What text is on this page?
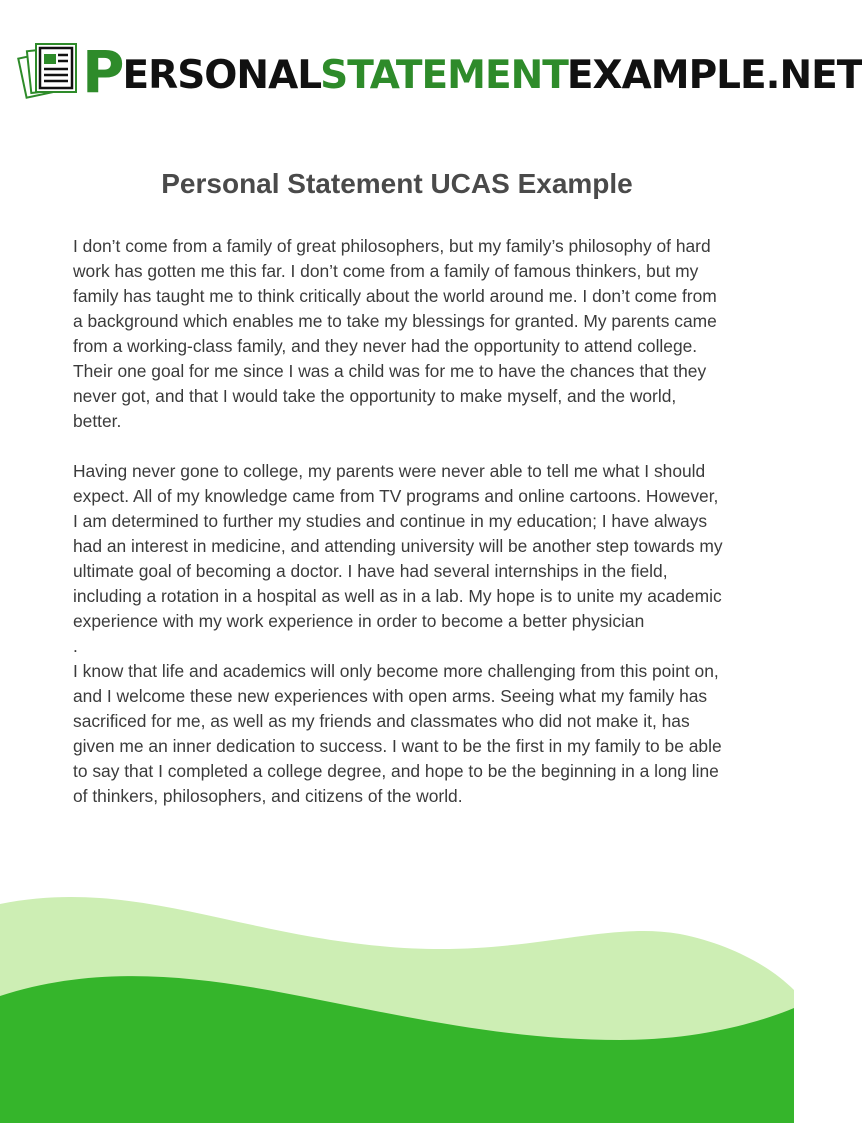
P ERSONAL STATEMENT EXAMPLE.NET
Personal Statement UCAS Example

I don’t come from a family of great philosophers, but my family’s philosophy of hard work has gotten me this far. I don’t come from a family of famous thinkers, but my family has taught me to think critically about the world around me. I don’t come from a background which enables me to take my blessings for granted. My parents came from a working-class family, and they never had the opportunity to attend college. Their one goal for me since I was a child was for me to have the chances that they never got, and that I would take the opportunity to make myself, and the world, better.

Having never gone to college, my parents were never able to tell me what I should expect. All of my knowledge came from TV programs and online cartoons. However, I am determined to further my studies and continue in my education; I have always had an interest in medicine, and attending university will be another step towards my ultimate goal of becoming a doctor. I have had several internships in the field, including a rotation in a hospital as well as in a lab. My hope is to unite my academic experience with my work experience in order to become a better physician

.

I know that life and academics will only become more challenging from this point on, and I welcome these new experiences with open arms. Seeing what my family has sacrificed for me, as well as my friends and classmates who did not make it, has given me an inner dedication to success. I want to be the first in my family to be able to say that I completed a college degree, and hope to be the beginning in a long line of thinkers, philosophers, and citizens of the world.
